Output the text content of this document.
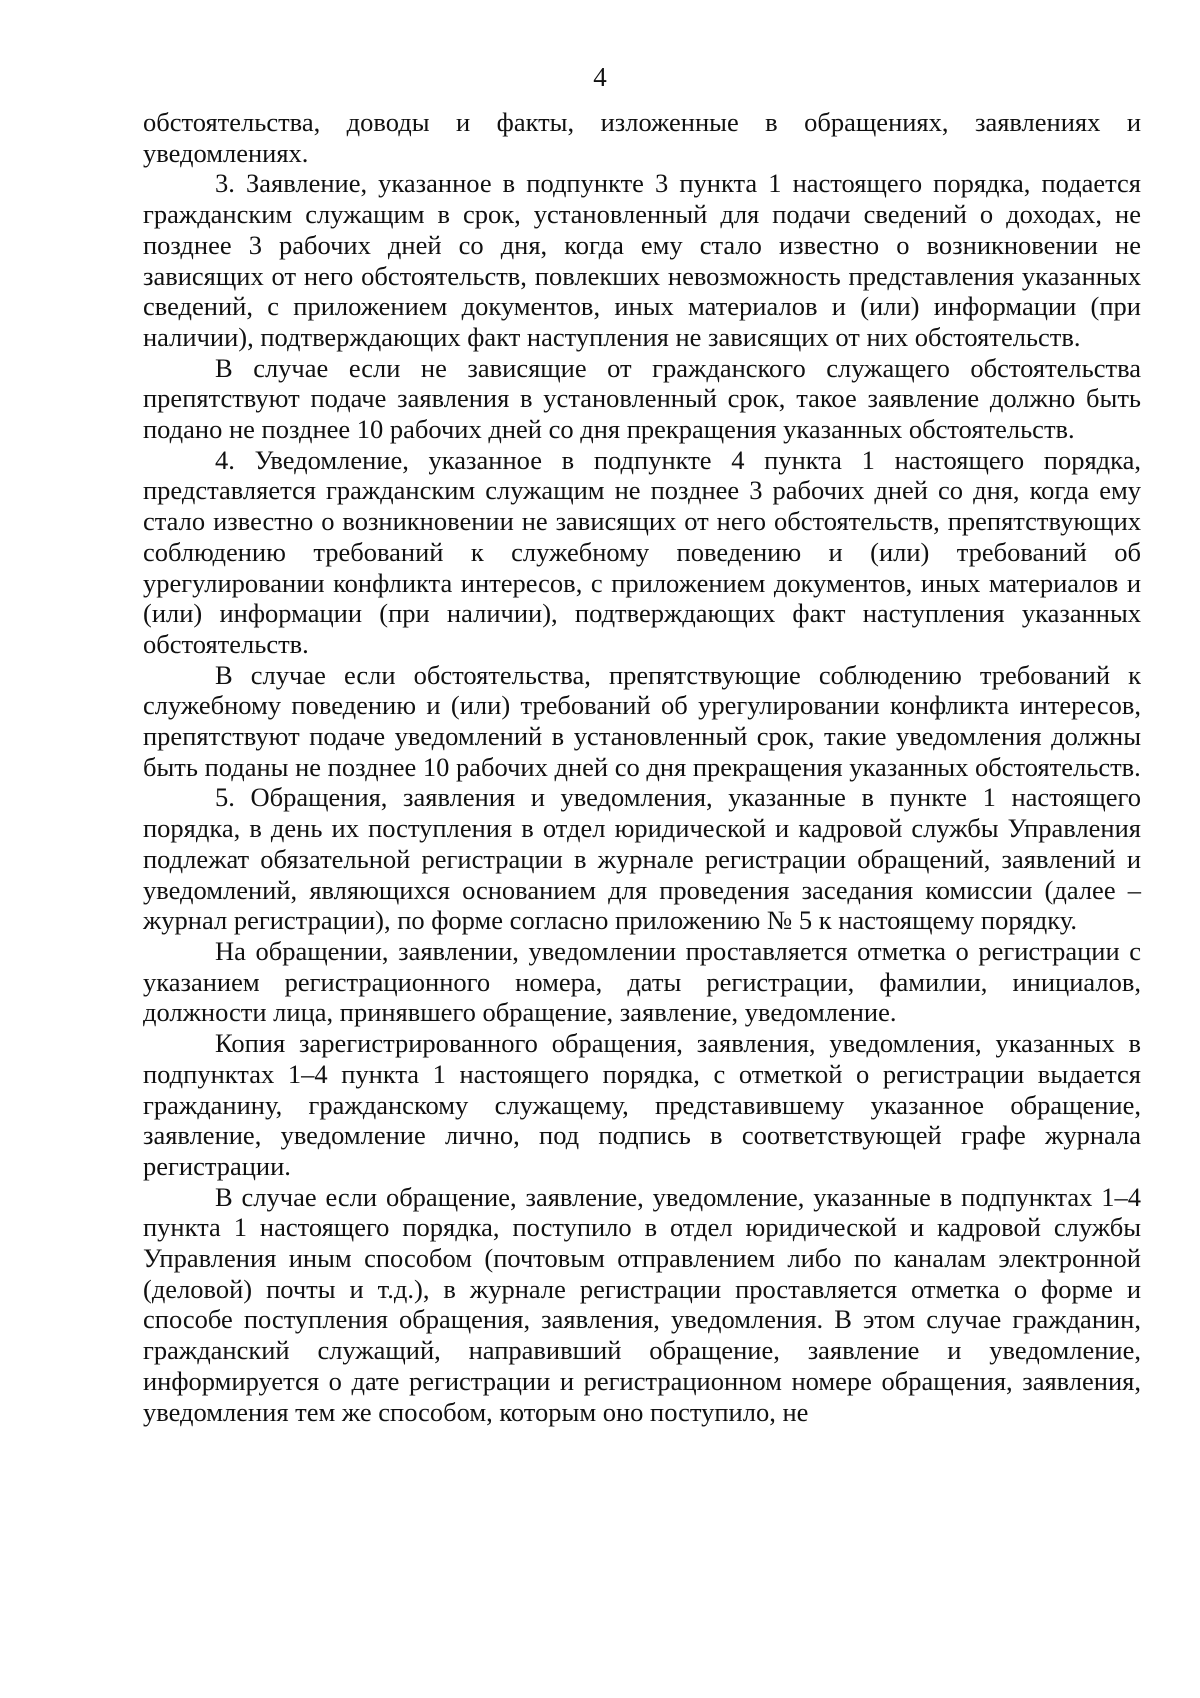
4

обстоятельства, доводы и факты, изложенные в обращениях, заявлениях и уведомлениях.

3. Заявление, указанное в подпункте 3 пункта 1 настоящего порядка, подается гражданским служащим в срок, установленный для подачи сведений о доходах, не позднее 3 рабочих дней со дня, когда ему стало известно о возникновении не зависящих от него обстоятельств, повлекших невозможность представления указанных сведений, с приложением документов, иных материалов и (или) информации (при наличии), подтверждающих факт наступления не зависящих от них обстоятельств.

В случае если не зависящие от гражданского служащего обстоятельства препятствуют подаче заявления в установленный срок, такое заявление должно быть подано не позднее 10 рабочих дней со дня прекращения указанных обстоятельств.

4. Уведомление, указанное в подпункте 4 пункта 1 настоящего порядка, представляется гражданским служащим не позднее 3 рабочих дней со дня, когда ему стало известно о возникновении не зависящих от него обстоятельств, препятствующих соблюдению требований к служебному поведению и (или) требований об урегулировании конфликта интересов, с приложением документов, иных материалов и (или) информации (при наличии), подтверждающих факт наступления указанных обстоятельств.

В случае если обстоятельства, препятствующие соблюдению требований к служебному поведению и (или) требований об урегулировании конфликта интересов, препятствуют подаче уведомлений в установленный срок, такие уведомления должны быть поданы не позднее 10 рабочих дней со дня прекращения указанных обстоятельств.

5. Обращения, заявления и уведомления, указанные в пункте 1 настоящего порядка, в день их поступления в отдел юридической и кадровой службы Управления подлежат обязательной регистрации в журнале регистрации обращений, заявлений и уведомлений, являющихся основанием для проведения заседания комиссии (далее – журнал регистрации), по форме согласно приложению № 5 к настоящему порядку.

На обращении, заявлении, уведомлении проставляется отметка о регистрации с указанием регистрационного номера, даты регистрации, фамилии, инициалов, должности лица, принявшего обращение, заявление, уведомление.

Копия зарегистрированного обращения, заявления, уведомления, указанных в подпунктах 1–4 пункта 1 настоящего порядка, с отметкой о регистрации выдается гражданину, гражданскому служащему, представившему указанное обращение, заявление, уведомление лично, под подпись в соответствующей графе журнала регистрации.

В случае если обращение, заявление, уведомление, указанные в подпунктах 1–4 пункта 1 настоящего порядка, поступило в отдел юридической и кадровой службы Управления иным способом (почтовым отправлением либо по каналам электронной (деловой) почты и т.д.), в журнале регистрации проставляется отметка о форме и способе поступления обращения, заявления, уведомления. В этом случае гражданин, гражданский служащий, направивший обращение, заявление и уведомление, информируется о дате регистрации и регистрационном номере обращения, заявления, уведомления тем же способом, которым оно поступило, не
